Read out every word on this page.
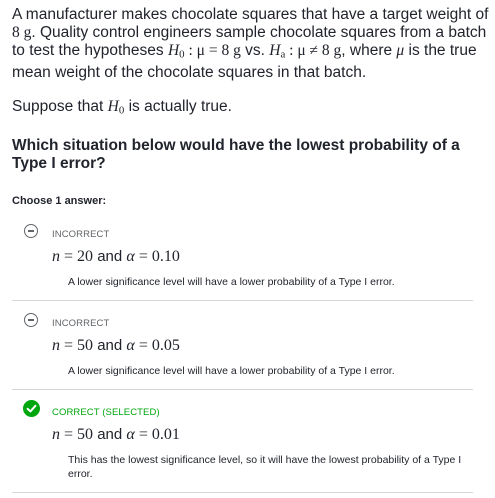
A manufacturer makes chocolate squares that have a target weight of 8 g. Quality control engineers sample chocolate squares from a batch to test the hypotheses $H_0$ : μ = 8 g vs. $H_a$ : μ ≠ 8 g, where μ is the true mean weight of the chocolate squares in that batch.

Suppose that $H_0$ is actually true.

Which situation below would have the lowest probability of a Type I error?

Choose 1 answer:

INCORRECT
n = 20 and α = 0.10
A lower significance level will have a lower probability of a Type I error.
INCORRECT
n = 50 and α = 0.05
A lower significance level will have a lower probability of a Type I error.
CORRECT (SELECTED)
n = 50 and α = 0.01
This has the lowest significance level, so it will have the lowest probability of a Type I error.
